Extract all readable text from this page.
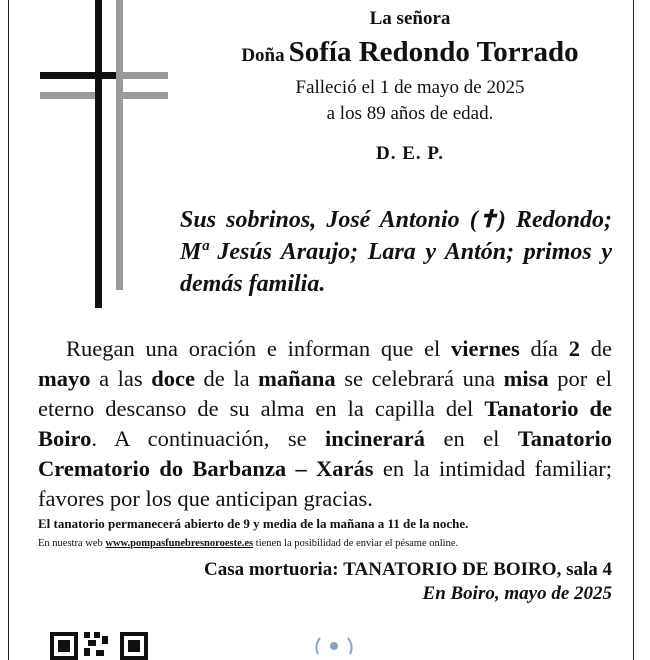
La señora
Doña Sofía Redondo Torrado
Falleció el 1 de mayo de 2025
a los 89 años de edad.
D. E. P.
Sus sobrinos, José Antonio (✝) Redondo; Mª Jesús Araujo; Lara y Antón; primos y demás familia.
Ruegan una oración e informan que el viernes día 2 de mayo a las doce de la mañana se celebrará una misa por el eterno descanso de su alma en la capilla del Tanatorio de Boiro. A continuación, se incinerará en el Tanatorio Crematorio do Barbanza – Xarás en la intimidad familiar; favores por los que anticipan gracias.
El tanatorio permanecerá abierto de 9 y media de la mañana a 11 de la noche.
En nuestra web www.pompasfunebresnoroeste.es tienen la posibilidad de enviar el pésame online.
Casa mortuoria: TANATORIO DE BOIRO, sala 4
En Boiro, mayo de 2025
